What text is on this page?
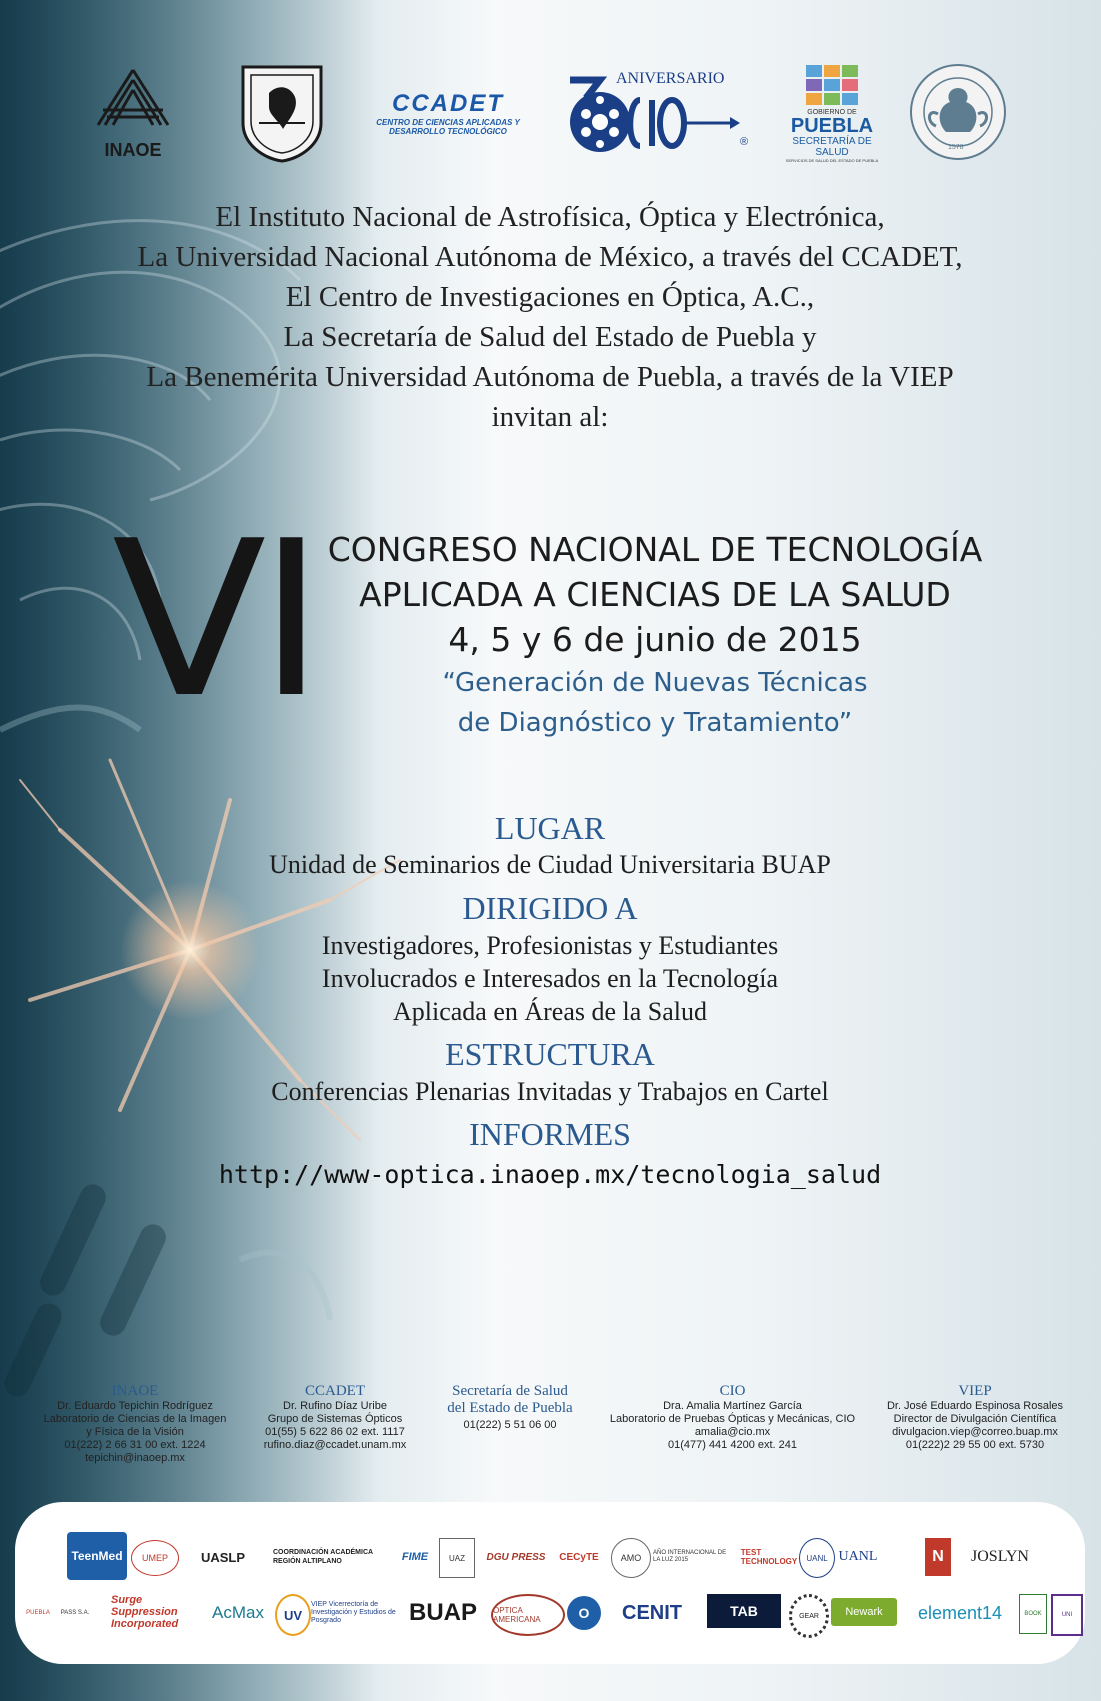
INAOE
CCADET
CENTRO DE CIENCIAS APLICADAS Y
DESARROLLO TECNOLÓGICO
ANIVERSARIO
®
GOBIERNO DE
PUEBLA
SECRETARÍA DE
SALUD
SERVICIOS DE SALUD DEL ESTADO DE PUEBLA
1578
El Instituto Nacional de Astrofísica, Óptica y Electrónica,
La Universidad Nacional Autónoma de México, a través del CCADET,
El Centro de Investigaciones en Óptica, A.C.,
La Secretaría de Salud del Estado de Puebla y
La Benemérita Universidad Autónoma de Puebla, a través de la VIEP
invitan al:
VI CONGRESO NACIONAL DE TECNOLOGÍA
APLICADA A CIENCIAS DE LA SALUD
4, 5 y 6 de junio de 2015
“Generación de Nuevas Técnicas
de Diagnóstico y Tratamiento”
LUGAR
Unidad de Seminarios de Ciudad Universitaria BUAP
DIRIGIDO A
Investigadores, Profesionistas y Estudiantes
Involucrados e Interesados en la Tecnología
Aplicada en Áreas de la Salud
ESTRUCTURA
Conferencias Plenarias Invitadas y Trabajos en Cartel
INFORMES
http://www-optica.inaoep.mx/tecnologia_salud
INAOE
Dr. Eduardo Tepichin Rodríguez
Laboratorio de Ciencias de la Imagen
y Física de la Visión
01(222) 2 66 31 00 ext. 1224
tepichin@inaoep.mx
CCADET
Dr. Rufino Díaz Uribe
Grupo de Sistemas Ópticos
01(55) 5 622 86 02 ext. 1117
rufino.diaz@ccadet.unam.mx
Secretaría de Salud
del Estado de Puebla
01(222) 5 51 06 00
CIO
Dra. Amalia Martínez García
Laboratorio de Pruebas Ópticas y Mecánicas, CIO
amalia@cio.mx
01(477) 441 4200 ext. 241
VIEP
Dr. José Eduardo Espinosa Rosales
Director de Divulgación Científica
divulgacion.viep@correo.buap.mx
01(222)2 29 55 00 ext. 5730
TeenMed	UMEP	UASLP	COORDINACIÓN ACADÉMICA REGIÓN ALTIPLANO	FIME	UAZ	DGU PRESS	CECyTE	AMO	AÑO INTERNACIONAL DE LA LUZ 2015
TEST TECHNOLOGY	UANL UANL	N	JOSLYN
PUEBLA	PASS S.A.
Surge Suppression Incorporated
AcMax	UV
VIEP Vicerrectoría de Investigación y Estudios de Posgrado	BUAP	OPTICA AMERICANA	O	CENIT	TAB	GEAR	Newark	element14	BOOK	UNI
